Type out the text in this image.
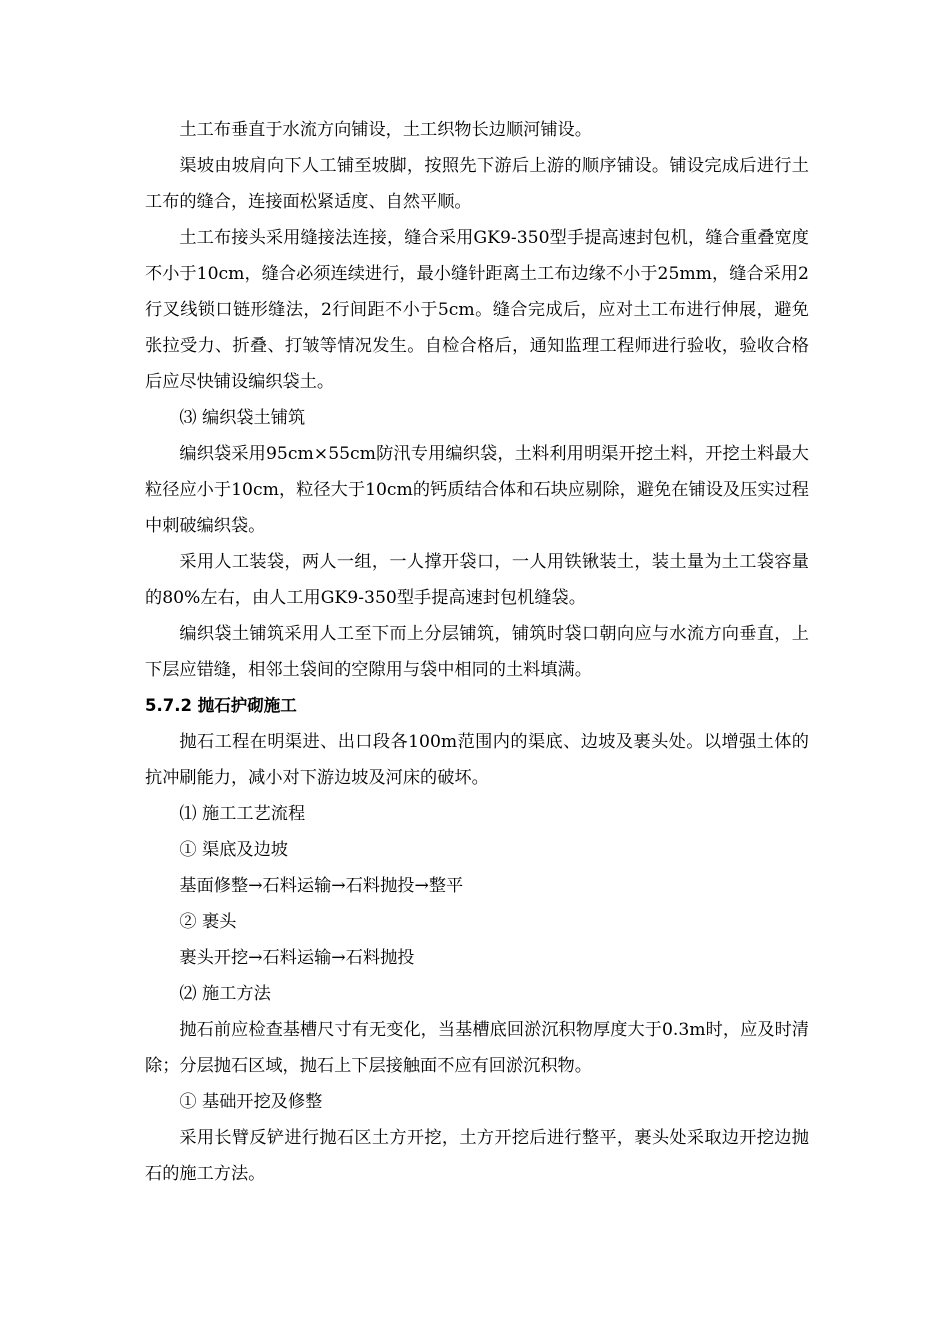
土工布垂直于水流方向铺设，土工织物长边顺河铺设。

渠坡由坡肩向下人工铺至坡脚，按照先下游后上游的顺序铺设。铺设完成后进行土工布的缝合，连接面松紧适度、自然平顺。

土工布接头采用缝接法连接，缝合采用GK9-350型手提高速封包机，缝合重叠宽度不小于10cm，缝合必须连续进行，最小缝针距离土工布边缘不小于25mm，缝合采用2行叉线锁口链形缝法，2行间距不小于5cm。缝合完成后，应对土工布进行伸展，避免张拉受力、折叠、打皱等情况发生。自检合格后，通知监理工程师进行验收，验收合格后应尽快铺设编织袋土。

⑶ 编织袋土铺筑

编织袋采用95cm×55cm防汛专用编织袋，土料利用明渠开挖土料，开挖土料最大粒径应小于10cm，粒径大于10cm的钙质结合体和石块应剔除，避免在铺设及压实过程中刺破编织袋。

采用人工装袋，两人一组，一人撑开袋口，一人用铁锹装土，装土量为土工袋容量的80%左右，由人工用GK9-350型手提高速封包机缝袋。

编织袋土铺筑采用人工至下而上分层铺筑，铺筑时袋口朝向应与水流方向垂直，上下层应错缝，相邻土袋间的空隙用与袋中相同的土料填满。

5.7.2 抛石护砌施工

抛石工程在明渠进、出口段各100m范围内的渠底、边坡及裹头处。以增强土体的抗冲刷能力，减小对下游边坡及河床的破坏。

⑴ 施工工艺流程

① 渠底及边坡

基面修整→石料运输→石料抛投→整平

② 裹头

裹头开挖→石料运输→石料抛投

⑵ 施工方法

抛石前应检查基槽尺寸有无变化，当基槽底回淤沉积物厚度大于0.3m时，应及时清除；分层抛石区域，抛石上下层接触面不应有回淤沉积物。

① 基础开挖及修整

采用长臂反铲进行抛石区土方开挖，土方开挖后进行整平，裹头处采取边开挖边抛石的施工方法。
